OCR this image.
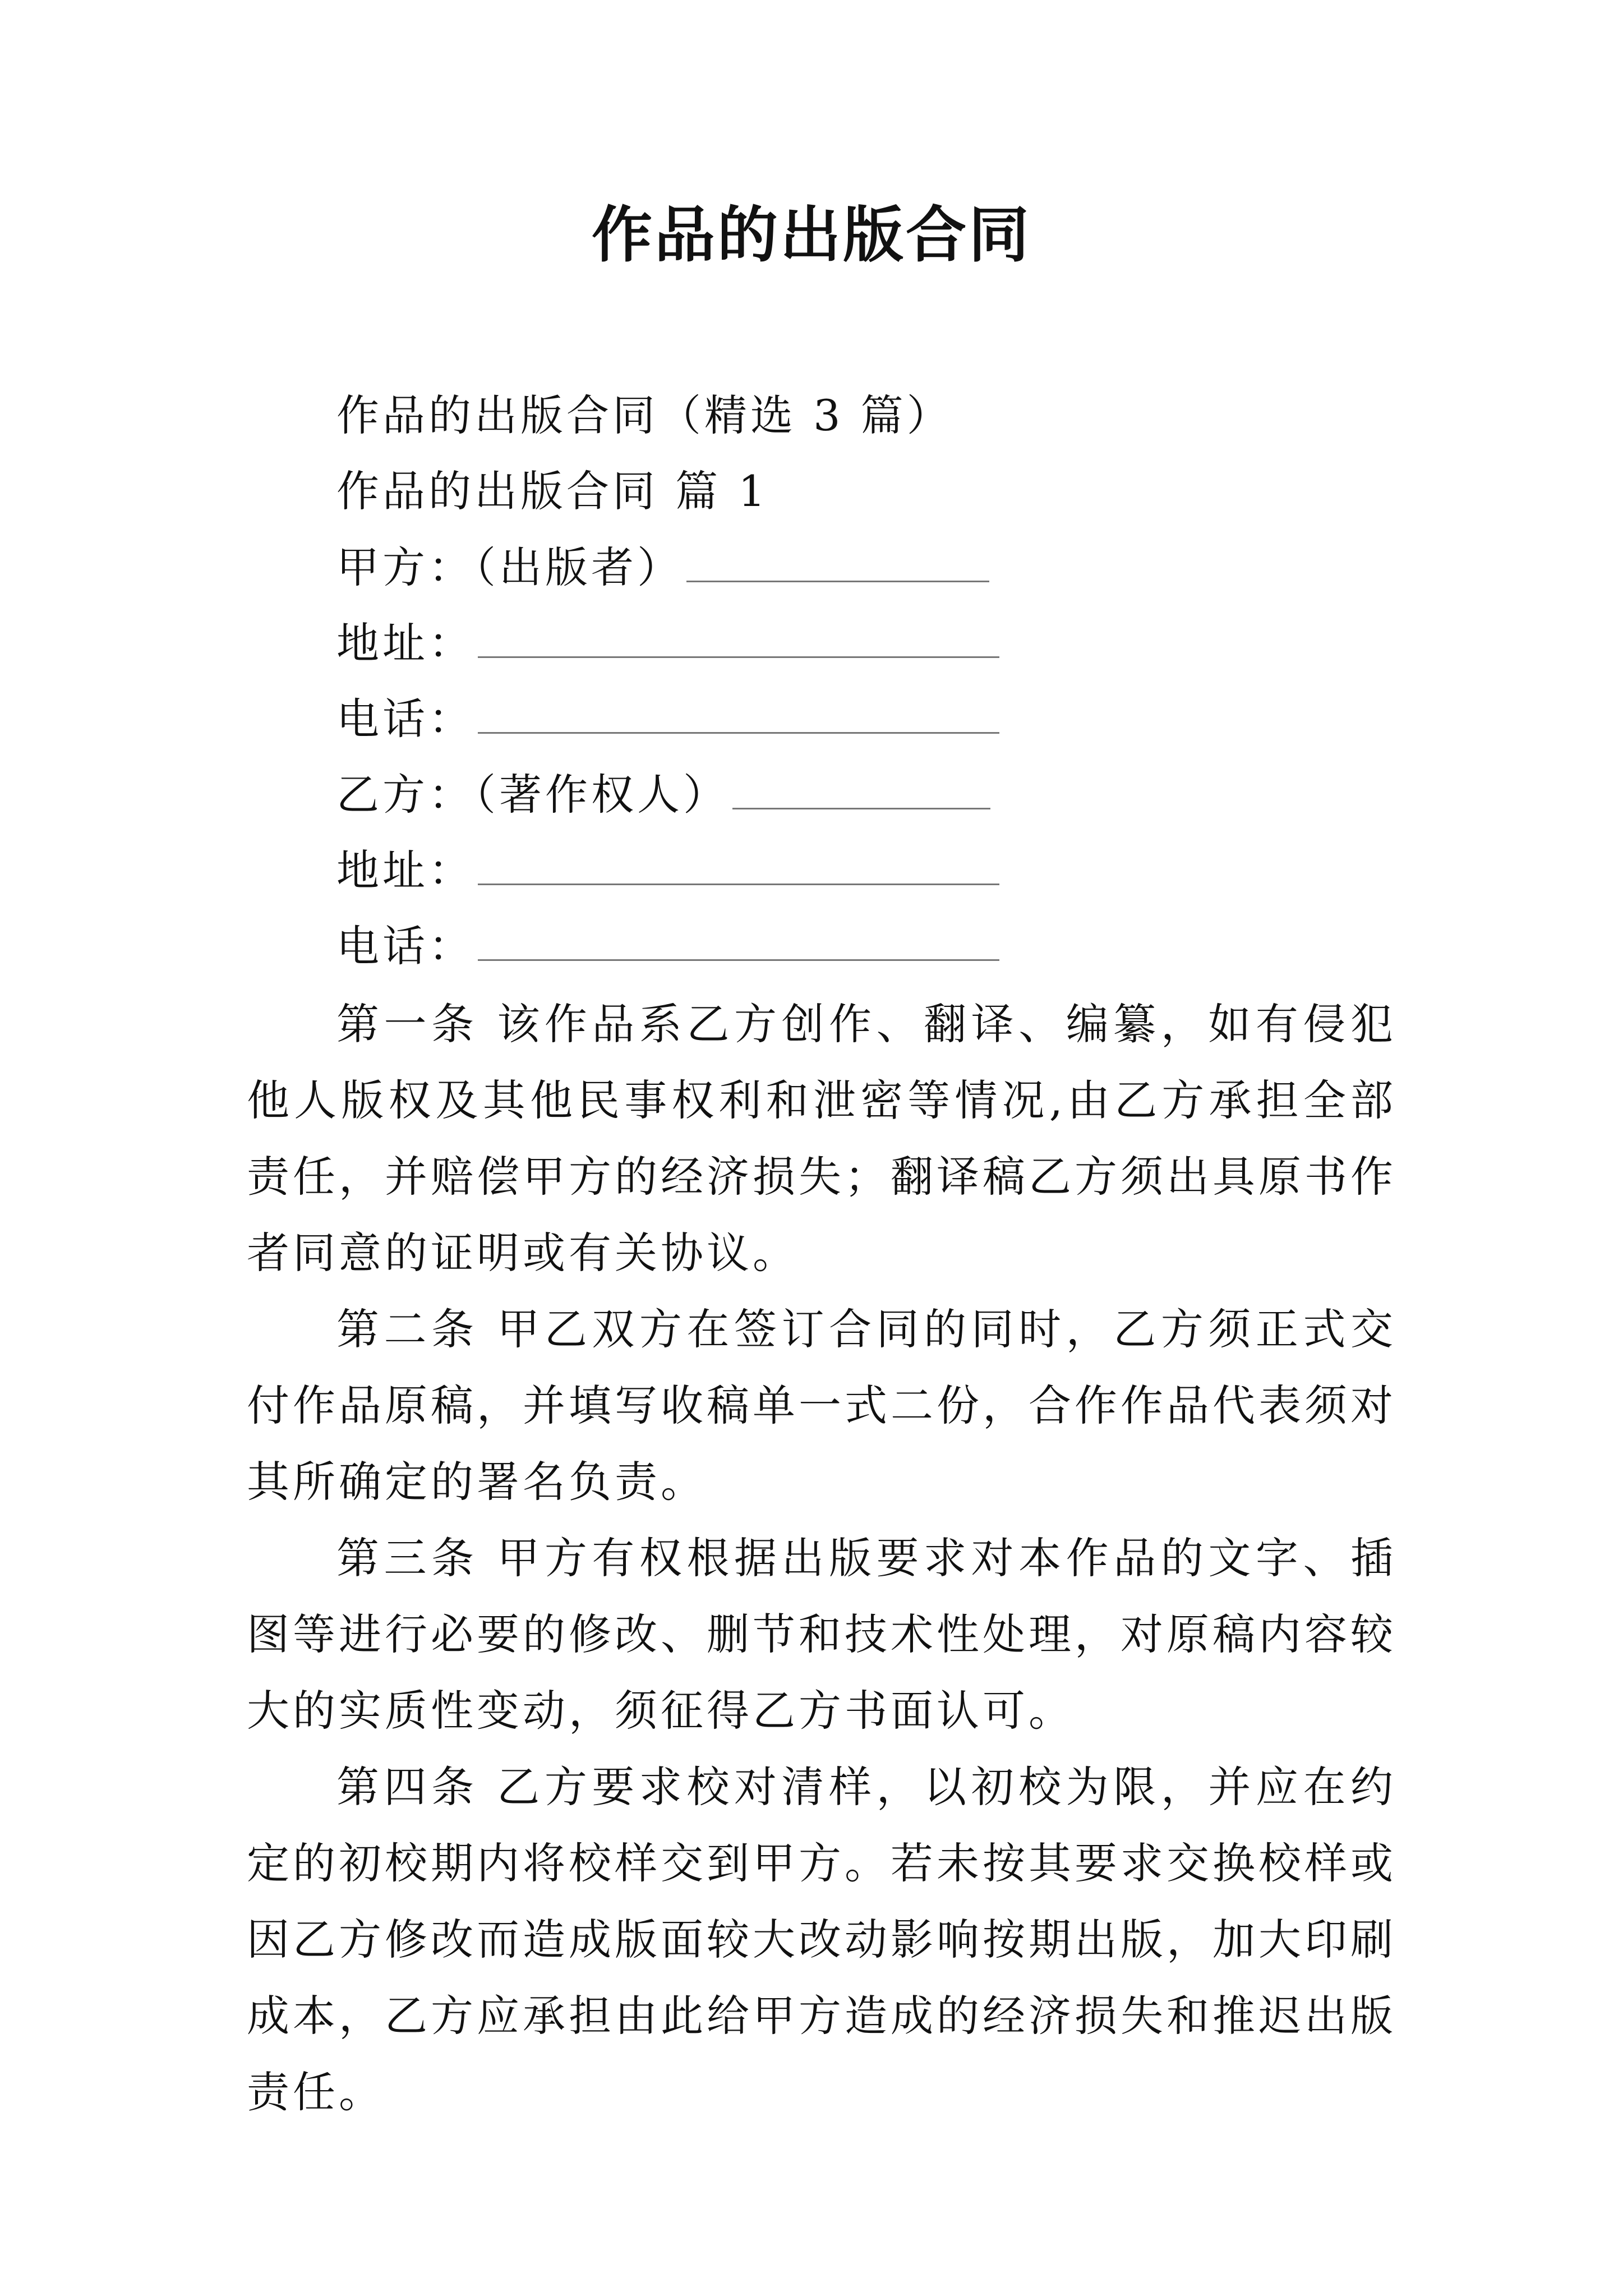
作品的出版合同
作品的出版合同（精选 3 篇）
作品的出版合同 篇 1
甲方：（出版者）
地址：
电话：
乙方：（著作权人）
地址：
电话：

第一条 该作品系乙方创作、翻译、编纂，如有侵犯他人版权及其他民事权利和泄密等情况,由乙方承担全部责任，并赔偿甲方的经济损失；翻译稿乙方须出具原书作者同意的证明或有关协议。

第二条 甲乙双方在签订合同的同时，乙方须正式交付作品原稿，并填写收稿单一式二份，合作作品代表须对其所确定的署名负责。

第三条 甲方有权根据出版要求对本作品的文字、插图等进行必要的修改、删节和技术性处理，对原稿内容较大的实质性变动，须征得乙方书面认可。

第四条 乙方要求校对清样，以初校为限，并应在约定的初校期内将校样交到甲方。若未按其要求交换校样或因乙方修改而造成版面较大改动影响按期出版，加大印刷成本，乙方应承担由此给甲方造成的经济损失和推迟出版责任。
